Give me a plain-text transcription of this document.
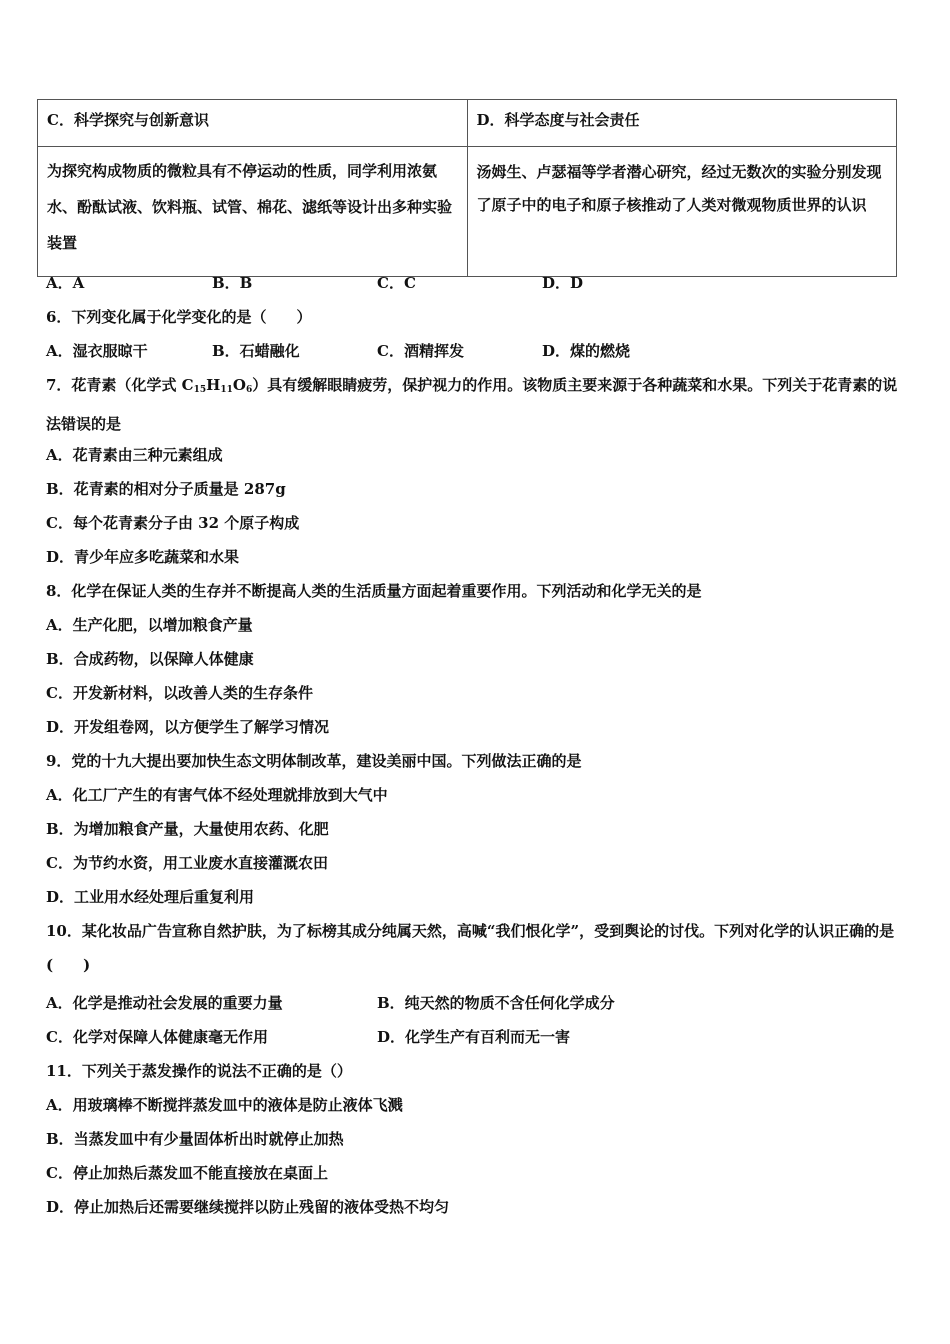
C．科学探究与创新意识	D．科学态度与社会责任
为探究构成物质的微粒具有不停运动的性质，同学利用浓氨水、酚酞试液、饮料瓶、试管、棉花、滤纸等设计出多种实验装置	汤姆生、卢瑟福等学者潜心研究，经过无数次的实验分别发现了原子中的电子和原子核推动了人类对微观物质世界的认识
A．A	B．B	C．C	D．D
6．下列变化属于化学变化的是（　　）
A．湿衣服晾干	B．石蜡融化	C．酒精挥发	D．煤的燃烧
7．花青素（化学式 $C_{15}H_{11}O_6$）具有缓解眼睛疲劳，保护视力的作用。该物质主要来源于各种蔬菜和水果。下列关于花青素的说法错误的是
A．花青素由三种元素组成
B．花青素的相对分子质量是 287g
C．每个花青素分子由 32 个原子构成
D．青少年应多吃蔬菜和水果
8．化学在保证人类的生存并不断提高人类的生活质量方面起着重要作用。下列活动和化学无关的是
A．生产化肥，以增加粮食产量
B．合成药物，以保障人体健康
C．开发新材料，以改善人类的生存条件
D．开发组卷网，以方便学生了解学习情况
9．党的十九大提出要加快生态文明体制改革，建设美丽中国。下列做法正确的是
A．化工厂产生的有害气体不经处理就排放到大气中
B．为增加粮食产量，大量使用农药、化肥
C．为节约水资，用工业废水直接灌溉农田
D．工业用水经处理后重复利用
10．某化妆品广告宣称自然护肤，为了标榜其成分纯属天然，高喊“我们恨化学”，受到舆论的讨伐。下列对化学的认识正确的是(　　)
A．化学是推动社会发展的重要力量	B．纯天然的物质不含任何化学成分
C．化学对保障人体健康毫无作用	D．化学生产有百利而无一害
11．下列关于蒸发操作的说法不正确的是（）
A．用玻璃棒不断搅拌蒸发皿中的液体是防止液体飞溅
B．当蒸发皿中有少量固体析出时就停止加热
C．停止加热后蒸发皿不能直接放在桌面上
D．停止加热后还需要继续搅拌以防止残留的液体受热不均匀
